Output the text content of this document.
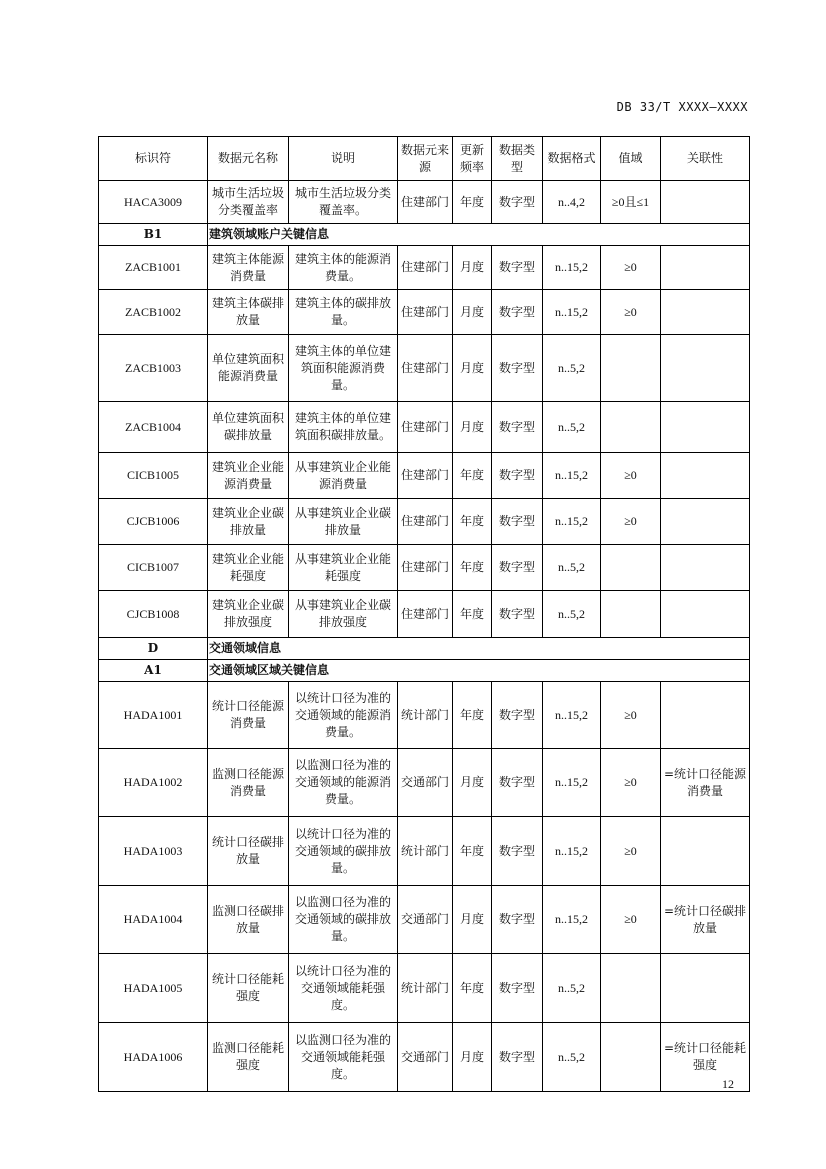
DB 33/T XXXX—XXXX
标识符	数据元名称	说明	数据元来源	更新频率	数据类型	数据格式	值域	关联性
HACA3009	城市生活垃圾分类覆盖率	城市生活垃圾分类覆盖率。	住建部门	年度	数字型	n..4,2	≥0且≤1	
B1	建筑领域账户关键信息							
ZACB1001	建筑主体能源消费量	建筑主体的能源消费量。	住建部门	月度	数字型	n..15,2	≥0	
ZACB1002	建筑主体碳排放量	建筑主体的碳排放量。	住建部门	月度	数字型	n..15,2	≥0	
ZACB1003	单位建筑面积能源消费量	建筑主体的单位建筑面积能源消费量。	住建部门	月度	数字型	n..5,2		
ZACB1004	单位建筑面积碳排放量	建筑主体的单位建筑面积碳排放量。	住建部门	月度	数字型	n..5,2		
CICB1005	建筑业企业能源消费量	从事建筑业企业能源消费量	住建部门	年度	数字型	n..15,2	≥0	
CJCB1006	建筑业企业碳排放量	从事建筑业企业碳排放量	住建部门	年度	数字型	n..15,2	≥0	
CICB1007	建筑业企业能耗强度	从事建筑业企业能耗强度	住建部门	年度	数字型	n..5,2		
CJCB1008	建筑业企业碳排放强度	从事建筑业企业碳排放强度	住建部门	年度	数字型	n..5,2		
D	交通领域信息							
A1	交通领域区域关键信息							
HADA1001	统计口径能源消费量	以统计口径为准的交通领域的能源消费量。	统计部门	年度	数字型	n..15,2	≥0	
HADA1002	监测口径能源消费量	以监测口径为准的交通领域的能源消费量。	交通部门	月度	数字型	n..15,2	≥0	=统计口径能源消费量
HADA1003	统计口径碳排放量	以统计口径为准的交通领域的碳排放量。	统计部门	年度	数字型	n..15,2	≥0	
HADA1004	监测口径碳排放量	以监测口径为准的交通领域的碳排放量。	交通部门	月度	数字型	n..15,2	≥0	=统计口径碳排放量
HADA1005	统计口径能耗强度	以统计口径为准的交通领域能耗强度。	统计部门	年度	数字型	n..5,2		
HADA1006	监测口径能耗强度	以监测口径为准的交通领域能耗强度。	交通部门	月度	数字型	n..5,2		=统计口径能耗强度
12
